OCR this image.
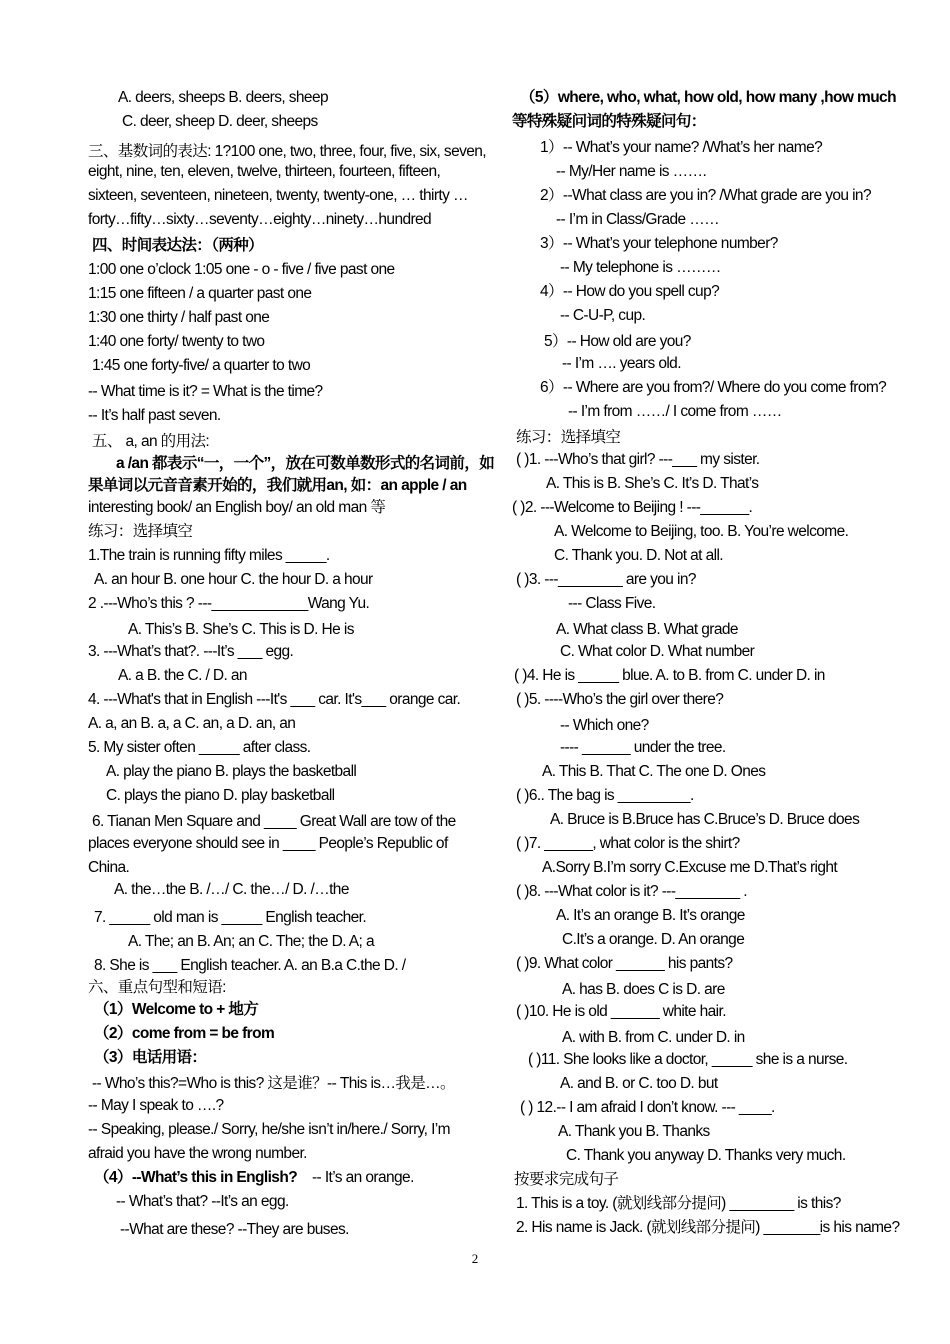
A. deers, sheeps B. deers, sheep
C. deer, sheep D. deer, sheeps
三、基数词的表达: 1?100 one, two, three, four, five, six, seven,
eight, nine, ten, eleven, twelve, thirteen, fourteen, fifteen,
sixteen, seventeen, nineteen, twenty, twenty-one, … thirty …
forty…fifty…sixty…seventy…eighty…ninety…hundred
四、时间表达法：（两种）
1:00 one o’clock 1:05 one - o - five / five past one
1:15 one fifteen / a quarter past one
1:30 one thirty / half past one
1:40 one forty/ twenty to two
1:45 one forty-five/ a quarter to two
-- What time is it? = What is the time?
-- It’s half past seven.
五、 a, an 的用法:
a /an 都表示“一，一个”，放在可数单数形式的名词前，如
果单词以元音音素开始的，我们就用an, 如：an apple / an
interesting book/ an English boy/ an old man 等
练习：选择填空
1.The train is running fifty miles _____.
A. an hour B. one hour C. the hour D. a hour
2 .---Who’s this ? ---____________Wang Yu.
A. This’s B. She’s C. This is D. He is
3. ---What’s that?. ---It’s ___ egg.
A. a B. the C. / D. an
4. ---What's that in English ---It's ___ car. It's___ orange car.
A. a, an B. a, a C. an, a D. an, an
5. My sister often _____ after class.
A. play the piano B. plays the basketball
C. plays the piano D. play basketball
6. Tianan Men Square and ____ Great Wall are tow of the
places everyone should see in ____ People’s Republic of
China.
A. the…the B. /…/ C. the…/ D. /…the
7. _____ old man is _____ English teacher.
A. The; an B. An; an C. The; the D. A; a
8. She is ___ English teacher. A. an B.a C.the D. /
六、重点句型和短语:
（1）Welcome to + 地方
（2）come from = be from
（3）电话用语：
-- Who’s this?=Who is this? 这是谁？-- This is…我是…。
-- May I speak to ….?
-- Speaking, please./ Sorry, he/she isn’t in/here./ Sorry, I’m
afraid you have the wrong number.
（4）--What’s this in English? -- It’s an orange.
-- What’s that? --It’s an egg.
--What are these? --They are buses.
（5）where, who, what, how old, how many ,how much
等特殊疑问词的特殊疑问句：
1）-- What’s your name? /What’s her name?
-- My/Her name is …….
2）--What class are you in? /What grade are you in?
-- I’m in Class/Grade ……
3）-- What’s your telephone number?
-- My telephone is ………
4）-- How do you spell cup?
-- C-U-P, cup.
5）-- How old are you?
-- I’m …. years old.
6）-- Where are you from?/ Where do you come from?
-- I’m from ……/ I come from ……
练习：选择填空
( )1. ---Who’s that girl? ---___ my sister.
A. This is B. She’s C. It’s D. That’s
( )2. ---Welcome to Beijing ! ---______.
A. Welcome to Beijing, too. B. You’re welcome.
C. Thank you. D. Not at all.
( )3. ---________ are you in?
--- Class Five.
A. What class B. What grade
C. What color D. What number
( )4. He is _____ blue. A. to B. from C. under D. in
( )5. ----Who’s the girl over there?
-- Which one?
---- ______ under the tree.
A. This B. That C. The one D. Ones
( )6.. The bag is _________.
A. Bruce is B.Bruce has C.Bruce’s D. Bruce does
( )7. ______, what color is the shirt?
A.Sorry B.I’m sorry C.Excuse me D.That’s right
( )8. ---What color is it? ---________ .
A. It’s an orange B. It’s orange
C.It’s a orange. D. An orange
( )9. What color ______ his pants?
A. has B. does C is D. are
( )10. He is old ______ white hair.
A. with B. from C. under D. in
( )11. She looks like a doctor, _____ she is a nurse.
A. and B. or C. too D. but
( ) 12.-- I am afraid I don’t know. --- ____.
A. Thank you B. Thanks
C. Thank you anyway D. Thanks very much.
按要求完成句子
1. This is a toy. (就划线部分提问) ________ is this?
2. His name is Jack. (就划线部分提问) _______is his name?
2
